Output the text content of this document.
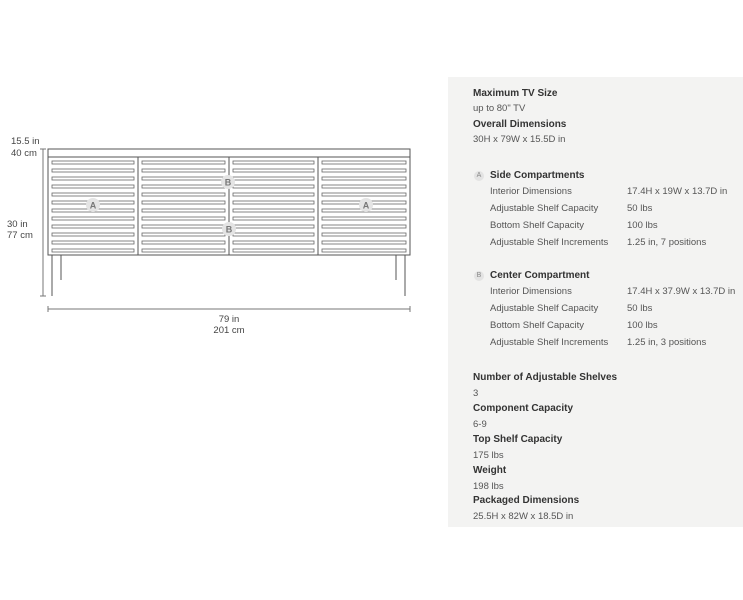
A	A
B
B
15.5 in
40 cm
30 in
77 cm
79 in
201 cm
Maximum TV Size
up to 80" TV
Overall Dimensions
30H x 79W x 15.5D in
A Side Compartments
Interior Dimensions	17.4H x 19W x 13.7D in
Adjustable Shelf Capacity	50 lbs
Bottom Shelf Capacity	100 lbs
Adjustable Shelf Increments 1.25 in, 7 positions
B Center Compartment
Interior Dimensions	17.4H x 37.9W x 13.7D in
Adjustable Shelf Capacity	50 lbs
Bottom Shelf Capacity	100 lbs
Adjustable Shelf Increments 1.25 in, 3 positions
Number of Adjustable Shelves
3
Component Capacity
6-9
Top Shelf Capacity
175 lbs
Weight
198 lbs
Packaged Dimensions
25.5H x 82W x 18.5D in
